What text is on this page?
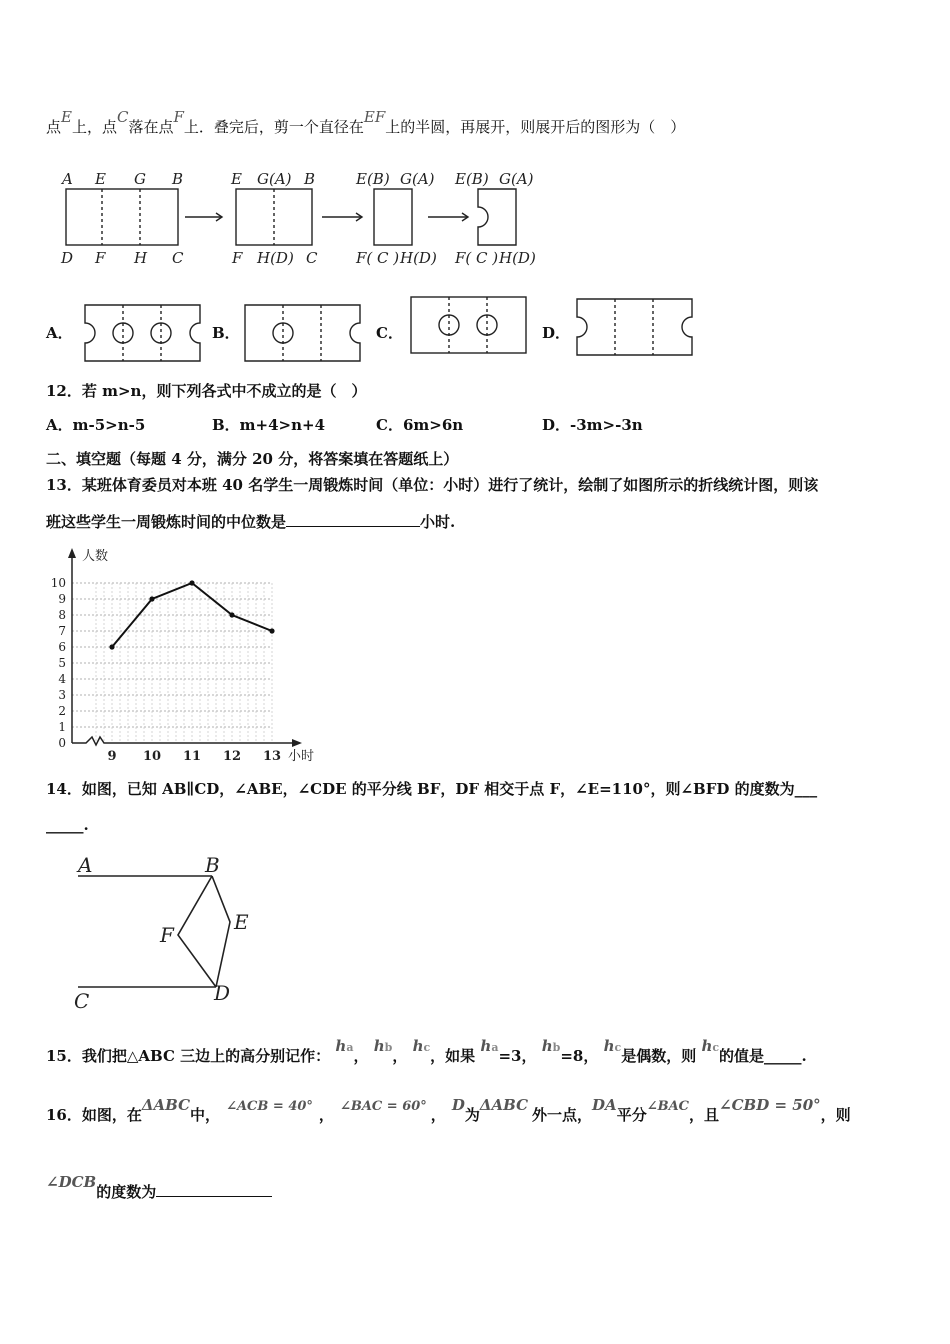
点E上，点C落在点F上．叠完后，剪一个直径在EF上的半圆，再展开，则展开后的图形为（　）
A E G B
D F H C
E G(A) B
F H(D) C
E(B) G(A)
F( C ) H(D)
E(B) G(A)
F( C ) H(D)
A．	B．	C．	D．
12．若 m>n，则下列各式中不成立的是（　）
A．m-5>n-5	B．m+4>n+4	C．6m>6n	D．-3m>-3n
二、填空题（每题 4 分，满分 20 分，将答案填在答题纸上）
13．某班体育委员对本班 40 名学生一周锻炼时间（单位：小时）进行了统计，绘制了如图所示的折线统计图，则该
班这些学生一周锻炼时间的中位数是	小时.
0
1
2
3
4
5
6
7
8
9
10
9 10 11 12 13
人数
小时
14．如图，已知 AB∥CD，∠ABE，∠CDE 的平分线 BF，DF 相交于点 F，∠E=110°，则∠BFD 的度数为___
_____.
A	B
C	D
E
F
15．我们把△ABC 三边上的高分别记作： $h^a$， $h^b$， $h^c$，如果 $h^a=3$， $h^b=8$， $h^c$是偶数，则 $h^c$的值是_____.
16．如图，在ΔABC中， ∠ACB = 40° ， ∠BAC = 60° ，D为ΔABC外一点，DA平分∠BAC，且∠CBD = 50°，则
∠DCB的度数为
